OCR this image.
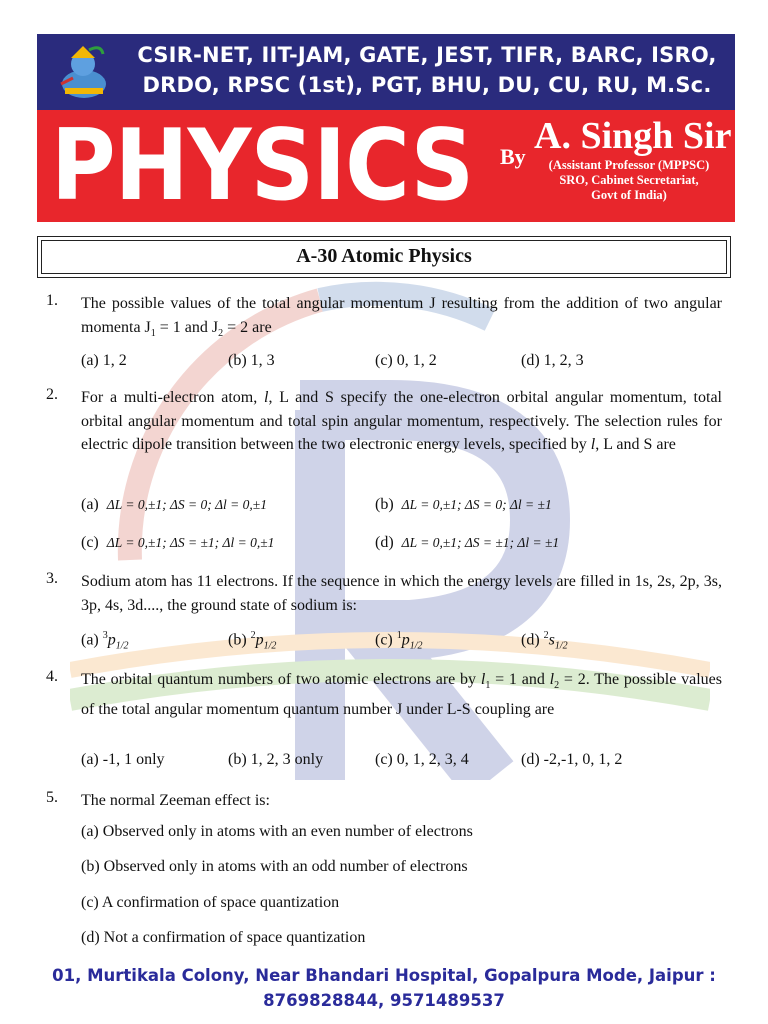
CSIR-NET, IIT-JAM, GATE, JEST, TIFR, BARC, ISRO,
DRDO, RPSC (1st), PGT, BHU, DU, CU, RU, M.Sc.
PHYSICS By A. Singh Sir
(Assistant Professor (MPPSC)
SRO, Cabinet Secretariat,
Govt of India)
A-30 Atomic Physics
1. The possible values of the total angular momentum J resulting from the addition of two angular momenta $J_1 = 1$ and $J_2 = 2$ are
(a) 1, 2	(b) 1, 3	(c) 0, 1, 2	(d) 1, 2, 3
2. For a multi-electron atom, l, L and S specify the one-electron orbital angular momentum, total orbital angular momentum and total spin angular momentum, respectively. The selection rules for electric dipole transition between the two electronic energy levels, specified by l, L and S are
(a) ΔL = 0,±1; ΔS = 0; Δl = 0,±1	(b) ΔL = 0,±1; ΔS = 0; Δl = ±1
(c) ΔL = 0,±1; ΔS = ±1; Δl = 0,±1	(d) ΔL = 0,±1; ΔS = ±1; Δl = ±1
3. Sodium atom has 11 electrons. If the sequence in which the energy levels are filled in 1s, 2s, 2p, 3s, 3p, 4s, 3d...., the ground state of sodium is:
(a) $^3p_{1/2}$	(b) $^2p_{1/2}$	(c) $^1p_{1/2}$	(d) $^2s_{1/2}$
4. The orbital quantum numbers of two atomic electrons are by $l_1 = 1$ and $l_2 = 2$. The possible values of the total angular momentum quantum number J under L-S coupling are
(a) -1, 1 only	(b) 1, 2, 3 only	(c) 0, 1, 2, 3, 4	(d) -2,-1, 0, 1, 2
5. The normal Zeeman effect is:
(a) Observed only in atoms with an even number of electrons
(b) Observed only in atoms with an odd number of electrons
(c) A confirmation of space quantization
(d) Not a confirmation of space quantization
01, Murtikala Colony, Near Bhandari Hospital, Gopalpura Mode, Jaipur :
8769828844, 9571489537
